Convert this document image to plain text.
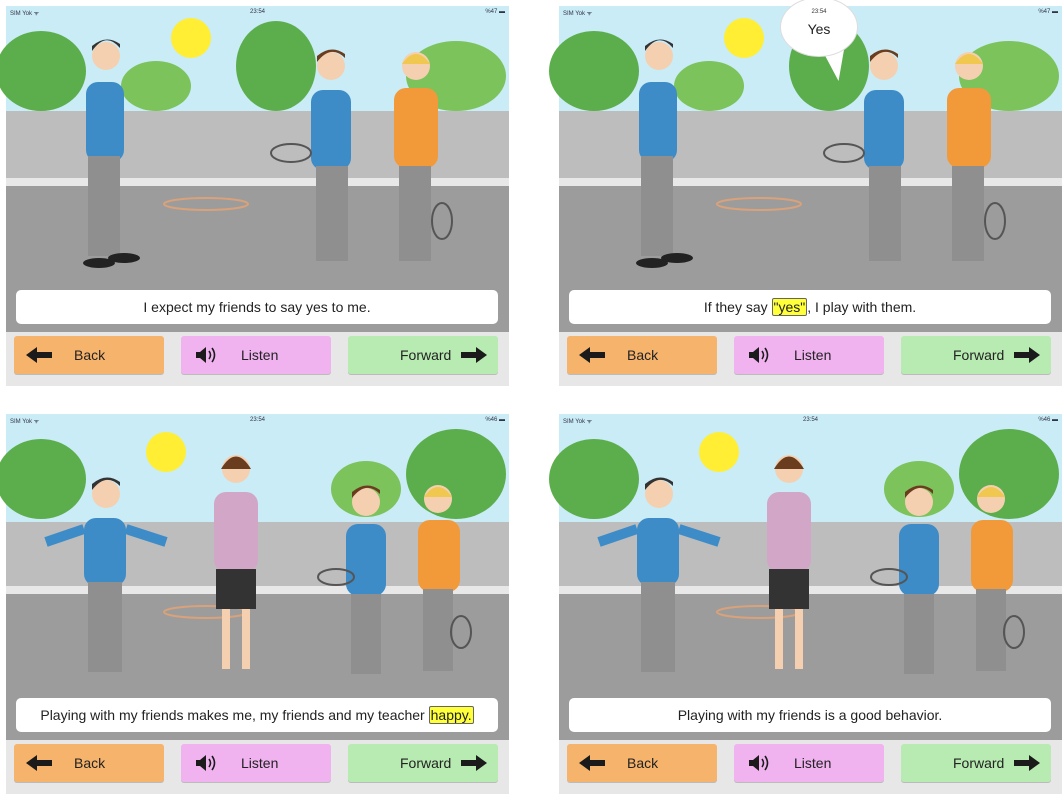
SIM Yok ᯤ	23:54	%47 ▬
I expect my friends to say yes to me.
Back	Listen	Forward
23:54
Yes
SIM Yok ᯤ	%47 ▬
If they say "yes" , I play with them.
Back	Listen	Forward
SIM Yok ᯤ	23:54	%46 ▬
Playing with my friends makes me, my friends and my teacher happy.
Back	Listen	Forward
SIM Yok ᯤ	23:54	%46 ▬
Playing with my friends is a good behavior.
Back	Listen	Forward
